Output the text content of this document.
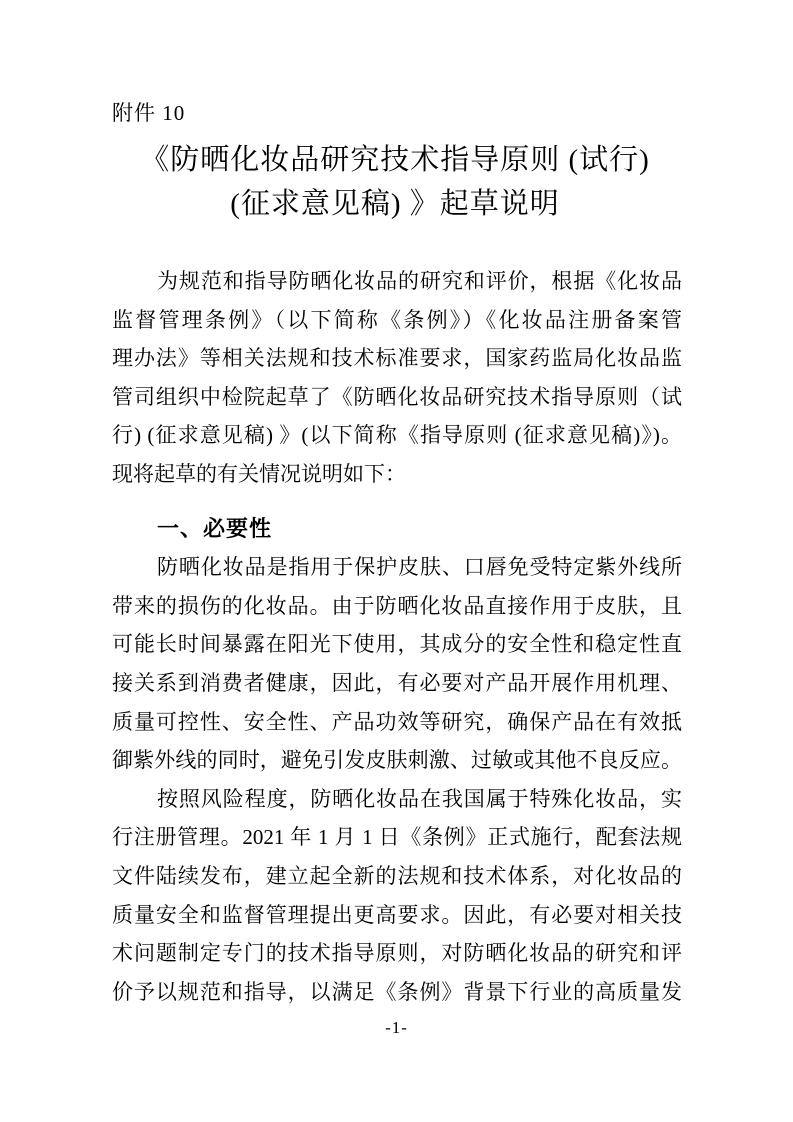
附件 10
《防晒化妆品研究技术指导原则 (试行)
(征求意见稿) 》起草说明
为规范和指导防晒化妆品的研究和评价，根据《化妆品
监督管理条例》（以下简称《条例》）《化妆品注册备案管
理办法》等相关法规和技术标准要求，国家药监局化妆品监
管司组织中检院起草了《防晒化妆品研究技术指导原则（试
行) (征求意见稿) 》(以下简称《指导原则 (征求意见稿)》)。
现将起草的有关情况说明如下：
一、必要性
防晒化妆品是指用于保护皮肤、口唇免受特定紫外线所
带来的损伤的化妆品。由于防晒化妆品直接作用于皮肤，且
可能长时间暴露在阳光下使用，其成分的安全性和稳定性直
接关系到消费者健康，因此，有必要对产品开展作用机理、
质量可控性、安全性、产品功效等研究，确保产品在有效抵
御紫外线的同时，避免引发皮肤刺激、过敏或其他不良反应。
按照风险程度，防晒化妆品在我国属于特殊化妆品，实
行注册管理。2021 年 1 月 1 日《条例》正式施行，配套法规
文件陆续发布，建立起全新的法规和技术体系，对化妆品的
质量安全和监督管理提出更高要求。因此，有必要对相关技
术问题制定专门的技术指导原则，对防晒化妆品的研究和评
价予以规范和指导，以满足《条例》背景下行业的高质量发
-1-
